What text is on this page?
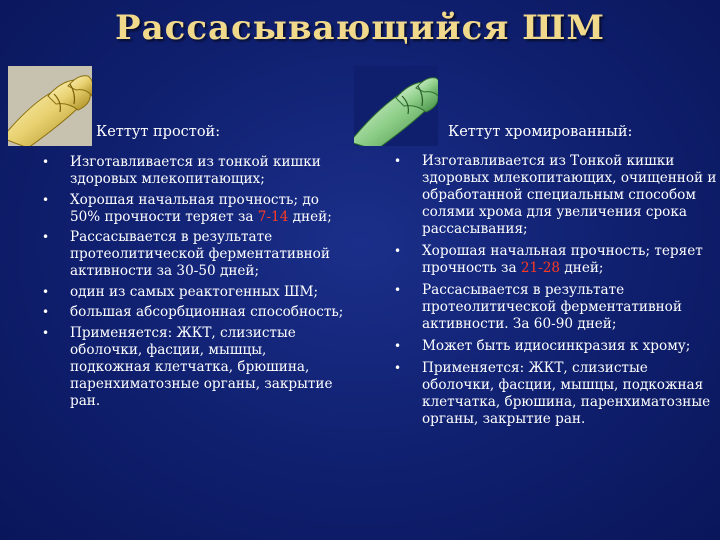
Рассасывающийся ШМ
Кеттут простой:	Кеттут хромированный:
• Изготавливается из тонкой кишки здоровых млекопитающих;
• Хорошая начальная прочность; до 50% прочности теряет за 7-14 дней;
• Рассасывается в результате протеолитической ферментативной активности за 30-50 дней;
• один из самых реактогенных ШМ;
• большая абсорбционная способность;
• Применяется: ЖКТ, слизистые оболочки, фасции, мышцы, подкожная клетчатка, брюшина, паренхиматозные органы, закрытие ран.
• Изготавливается из Тонкой кишки здоровых млекопитающих, очищенной и обработанной специальным способом солями хрома для увеличения срока рассасывания;
• Хорошая начальная прочность; теряет прочность за 21-28 дней;
• Рассасывается в результате протеолитической ферментативной активности. За 60-90 дней;
• Может быть идиосинкразия к хрому;
• Применяется: ЖКТ, слизистые оболочки, фасции, мышцы, подкожная клетчатка, брюшина, паренхиматозные органы, закрытие ран.
